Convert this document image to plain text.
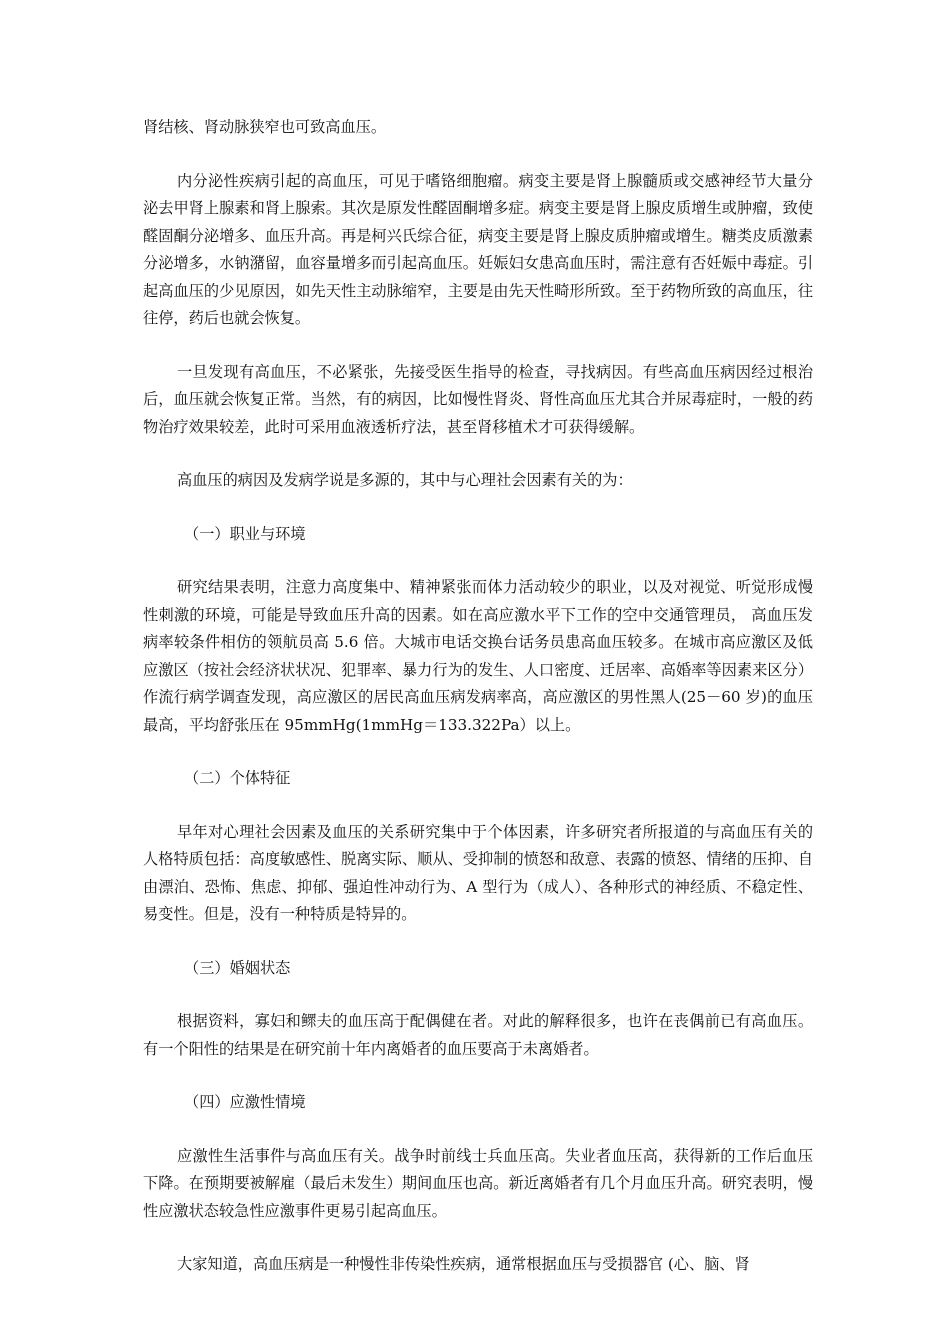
肾结核、肾动脉狭窄也可致高血压。

内分泌性疾病引起的高血压，可见于嗜铬细胞瘤。病变主要是肾上腺髓质或交感神经节大量分泌去甲肾上腺素和肾上腺索。其次是原发性醛固酮增多症。病变主要是肾上腺皮质增生或肿瘤，致使醛固酮分泌增多、血压升高。再是柯兴氏综合征，病变主要是肾上腺皮质肿瘤或增生。糖类皮质激素分泌增多，水钠潴留，血容量增多而引起高血压。妊娠妇女患高血压时，需注意有否妊娠中毒症。引起高血压的少见原因，如先天性主动脉缩窄，主要是由先天性畸形所致。至于药物所致的高血压，往往停，药后也就会恢复。

一旦发现有高血压，不必紧张，先接受医生指导的检查，寻找病因。有些高血压病因经过根治后，血压就会恢复正常。当然，有的病因，比如慢性肾炎、肾性高血压尤其合并尿毒症时，一般的药物治疗效果较差，此时可采用血液透析疗法，甚至肾移植术才可获得缓解。

高血压的病因及发病学说是多源的，其中与心理社会因素有关的为：

（一）职业与环境

研究结果表明，注意力高度集中、精神紧张而体力活动较少的职业，以及对视觉、听觉形成慢性刺激的环境，可能是导致血压升高的因素。如在高应激水平下工作的空中交通管理员， 高血压发病率较条件相仿的领航员高 5.6 倍。大城市电话交换台话务员患高血压较多。在城市高应激区及低应激区（按社会经济状状况、犯罪率、暴力行为的发生、人口密度、迁居率、高婚率等因素来区分）作流行病学调查发现，高应激区的居民高血压病发病率高，高应激区的男性黑人(25－60 岁)的血压最高，平均舒张压在 95mmHg(1mmHg＝133.322Pa）以上。

（二）个体特征

早年对心理社会因素及血压的关系研究集中于个体因素，许多研究者所报道的与高血压有关的人格特质包括：高度敏感性、脱离实际、顺从、受抑制的愤怒和敌意、表露的愤怒、情绪的压抑、自由漂泊、恐怖、焦虑、抑郁、强迫性冲动行为、A 型行为（成人）、各种形式的神经质、不稳定性、易变性。但是，没有一种特质是特异的。

（三）婚姻状态

根据资料，寡妇和鳏夫的血压高于配偶健在者。对此的解释很多，也许在丧偶前已有高血压。有一个阳性的结果是在研究前十年内离婚者的血压要高于未离婚者。

（四）应激性情境

应激性生活事件与高血压有关。战争时前线士兵血压高。失业者血压高，获得新的工作后血压下降。在预期要被解雇（最后未发生）期间血压也高。新近离婚者有几个月血压升高。研究表明，慢性应激状态较急性应激事件更易引起高血压。

大家知道，高血压病是一种慢性非传染性疾病，通常根据血压与受损器官 (心、脑、肾
